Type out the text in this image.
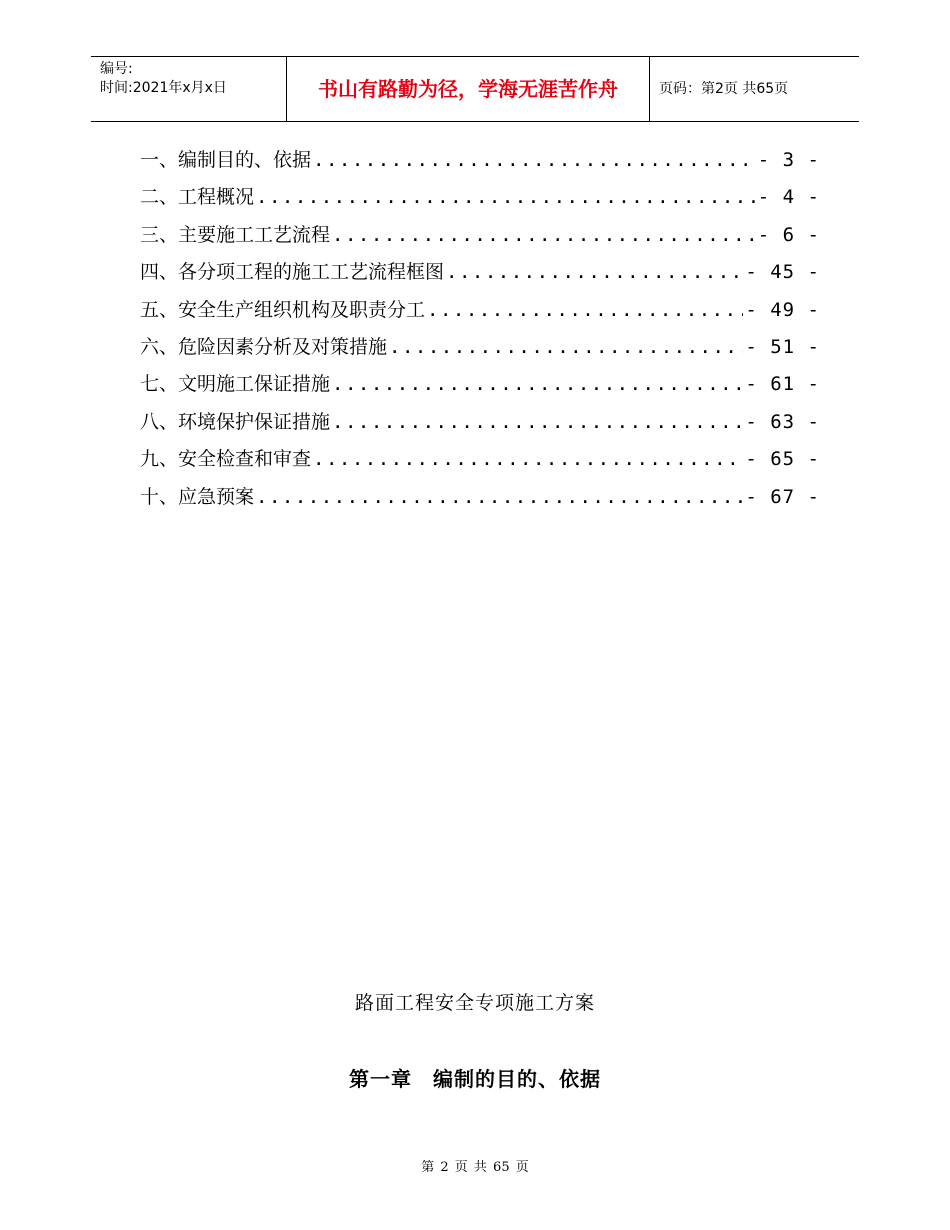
编号:
时间:2021年x月x日	书山有路勤为径，学海无涯苦作舟	页码：第2页 共65页
一、编制目的、依据 .....	- 3 -
二、工程概况 .....	- 4 -
三、主要施工工艺流程 .....	- 6 -
四、各分项工程的施工工艺流程框图 .....	- 45 -
五、安全生产组织机构及职责分工 .....	- 49 -
六、危险因素分析及对策措施 .....	- 51 -
七、文明施工保证措施 .....	- 61 -
八、环境保护保证措施 .....	- 63 -
九、安全检查和审查 .....	- 65 -
十、应急预案 .....	- 67 -
路面工程安全专项施工方案
第一章　编制的目的、依据
第 2 页 共 65 页
